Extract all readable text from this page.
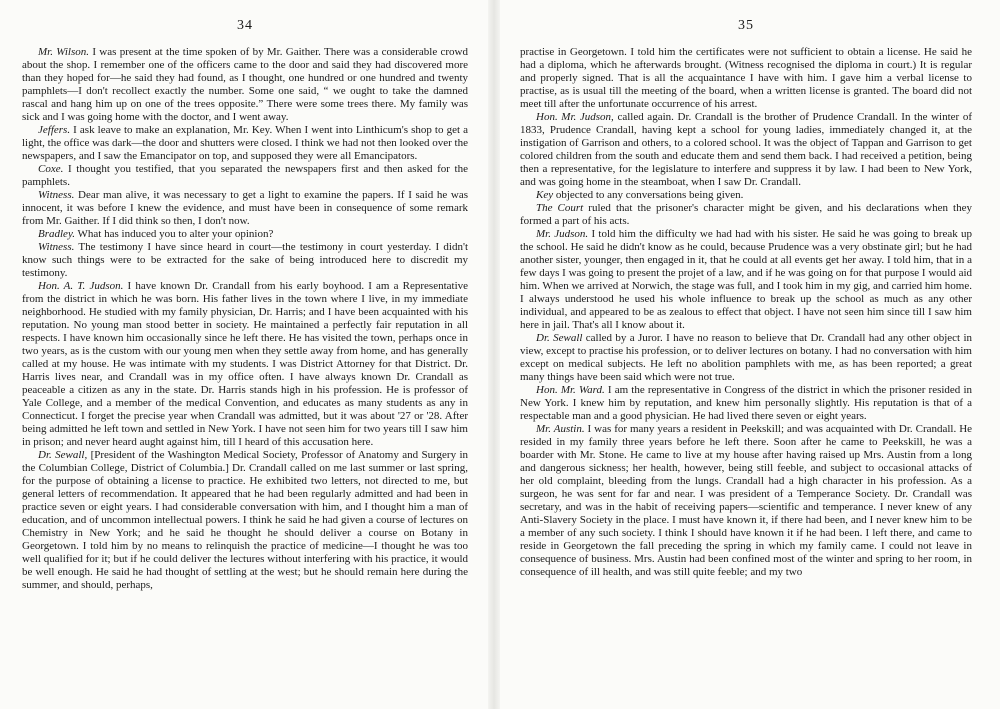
34

Mr. Wilson. I was present at the time spoken of by Mr. Gaither. There was a considerable crowd about the shop. I remember one of the officers came to the door and said they had discovered more than they hoped for—he said they had found, as I thought, one hundred or one hundred and twenty pamphlets—I don't recollect exactly the number. Some one said, “ we ought to take the damned rascal and hang him up on one of the trees opposite.” There were some trees there. My family was sick and I was going home with the doctor, and I went away.

Jeffers. I ask leave to make an explanation, Mr. Key. When I went into Linthicum's shop to get a light, the office was dark—the door and shutters were closed. I think we had not then looked over the newspapers, and I saw the Emancipator on top, and supposed they were all Emancipators.

Coxe. I thought you testified, that you separated the newspapers first and then asked for the pamphlets.

Witness. Dear man alive, it was necessary to get a light to examine the papers. If I said he was innocent, it was before I knew the evidence, and must have been in consequence of some remark from Mr. Gaither. If I did think so then, I don't now.

Bradley. What has induced you to alter your opinion?

Witness. The testimony I have since heard in court—the testimony in court yesterday. I didn't know such things were to be extracted for the sake of being introduced here to discredit my testimony.

Hon. A. T. Judson. I have known Dr. Crandall from his early boyhood. I am a Representative from the district in which he was born. His father lives in the town where I live, in my immediate neighborhood. He studied with my family physician, Dr. Harris; and I have been acquainted with his reputation. No young man stood better in society. He maintained a perfectly fair reputation in all respects. I have known him occasionally since he left there. He has visited the town, perhaps once in two years, as is the custom with our young men when they settle away from home, and has generally called at my house. He was intimate with my students. I was District Attorney for that District. Dr. Harris lives near, and Crandall was in my office often. I have always known Dr. Crandall as peaceable a citizen as any in the state. Dr. Harris stands high in his profession. He is professor of Yale College, and a member of the medical Convention, and educates as many students as any in Connecticut. I forget the precise year when Crandall was admitted, but it was about '27 or '28. After being admitted he left town and settled in New York. I have not seen him for two years till I saw him in prison; and never heard aught against him, till I heard of this accusation here.

Dr. Sewall, [President of the Washington Medical Society, Professor of Anatomy and Surgery in the Columbian College, District of Columbia.] Dr. Crandall called on me last summer or last spring, for the purpose of obtaining a license to practice. He exhibited two letters, not directed to me, but general letters of recommendation. It appeared that he had been regularly admitted and had been in practice seven or eight years. I had considerable conversation with him, and I thought him a man of education, and of uncommon intellectual powers. I think he said he had given a course of lectures on Chemistry in New York; and he said he thought he should deliver a course on Botany in Georgetown. I told him by no means to relinquish the practice of medicine—I thought he was too well qualified for it; but if he could deliver the lectures without interfering with his practice, it would be well enough. He said he had thought of settling at the west; but he should remain here during the summer, and should, perhaps,

35

practise in Georgetown. I told him the certificates were not sufficient to obtain a license. He said he had a diploma, which he afterwards brought. (Witness recognised the diploma in court.) It is regular and properly signed. That is all the acquaintance I have with him. I gave him a verbal license to practise, as is usual till the meeting of the board, when a written license is granted. The board did not meet till after the unfortunate occurrence of his arrest.

Hon. Mr. Judson, called again. Dr. Crandall is the brother of Prudence Crandall. In the winter of 1833, Prudence Crandall, having kept a school for young ladies, immediately changed it, at the instigation of Garrison and others, to a colored school. It was the object of Tappan and Garrison to get colored children from the south and educate them and send them back. I had received a petition, being then a representative, for the legislature to interfere and suppress it by law. I had been to New York, and was going home in the steamboat, when I saw Dr. Crandall.

Key objected to any conversations being given.

The Court ruled that the prisoner's character might be given, and his declarations when they formed a part of his acts.

Mr. Judson. I told him the difficulty we had had with his sister. He said he was going to break up the school. He said he didn't know as he could, because Prudence was a very obstinate girl; but he had another sister, younger, then engaged in it, that he could at all events get her away. I told him, that in a few days I was going to present the projet of a law, and if he was going on for that purpose I would aid him. When we arrived at Norwich, the stage was full, and I took him in my gig, and carried him home. I always understood he used his whole influence to break up the school as much as any other individual, and appeared to be as zealous to effect that object. I have not seen him since till I saw him here in jail. That's all I know about it.

Dr. Sewall called by a Juror. I have no reason to believe that Dr. Crandall had any other object in view, except to practise his profession, or to deliver lectures on botany. I had no conversation with him except on medical subjects. He left no abolition pamphlets with me, as has been reported; a great many things have been said which were not true.

Hon. Mr. Ward. I am the representative in Congress of the district in which the prisoner resided in New York. I knew him by reputation, and knew him personally slightly. His reputation is that of a respectable man and a good physician. He had lived there seven or eight years.

Mr. Austin. I was for many years a resident in Peekskill; and was acquainted with Dr. Crandall. He resided in my family three years before he left there. Soon after he came to Peekskill, he was a boarder with Mr. Stone. He came to live at my house after having raised up Mrs. Austin from a long and dangerous sickness; her health, however, being still feeble, and subject to occasional attacks of her old complaint, bleeding from the lungs. Crandall had a high character in his profession. As a surgeon, he was sent for far and near. I was president of a Temperance Society. Dr. Crandall was secretary, and was in the habit of receiving papers—scientific and temperance. I never knew of any Anti-Slavery Society in the place. I must have known it, if there had been, and I never knew him to be a member of any such society. I think I should have known it if he had been. I left there, and came to reside in Georgetown the fall preceding the spring in which my family came. I could not leave in consequence of business. Mrs. Austin had been confined most of the winter and spring to her room, in consequence of ill health, and was still quite feeble; and my two
